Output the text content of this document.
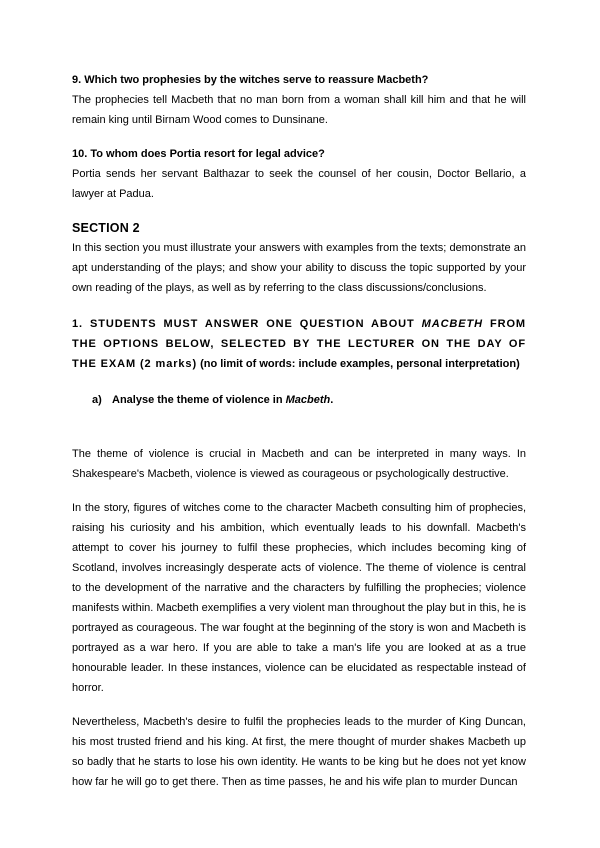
9. Which two prophesies by the witches serve to reassure Macbeth?
The prophecies tell Macbeth that no man born from a woman shall kill him and that he will remain king until Birnam Wood comes to Dunsinane.
10. To whom does Portia resort for legal advice?
Portia sends her servant Balthazar to seek the counsel of her cousin, Doctor Bellario, a lawyer at Padua.
SECTION 2
In this section you must illustrate your answers with examples from the texts; demonstrate an apt understanding of the plays; and show your ability to discuss the topic supported by your own reading of the plays, as well as by referring to the class discussions/conclusions.
1. STUDENTS MUST ANSWER ONE QUESTION ABOUT MACBETH FROM THE OPTIONS BELOW, SELECTED BY THE LECTURER ON THE DAY OF THE EXAM (2 marks) (no limit of words: include examples, personal interpretation)
a) Analyse the theme of violence in Macbeth.
The theme of violence is crucial in Macbeth and can be interpreted in many ways. In Shakespeare's Macbeth, violence is viewed as courageous or psychologically destructive.
In the story, figures of witches come to the character Macbeth consulting him of prophecies, raising his curiosity and his ambition, which eventually leads to his downfall. Macbeth's attempt to cover his journey to fulfil these prophecies, which includes becoming king of Scotland, involves increasingly desperate acts of violence. The theme of violence is central to the development of the narrative and the characters by fulfilling the prophecies; violence manifests within. Macbeth exemplifies a very violent man throughout the play but in this, he is portrayed as courageous. The war fought at the beginning of the story is won and Macbeth is portrayed as a war hero. If you are able to take a man's life you are looked at as a true honourable leader. In these instances, violence can be elucidated as respectable instead of horror.
Nevertheless, Macbeth's desire to fulfil the prophecies leads to the murder of King Duncan, his most trusted friend and his king. At first, the mere thought of murder shakes Macbeth up so badly that he starts to lose his own identity. He wants to be king but he does not yet know how far he will go to get there. Then as time passes, he and his wife plan to murder Duncan
